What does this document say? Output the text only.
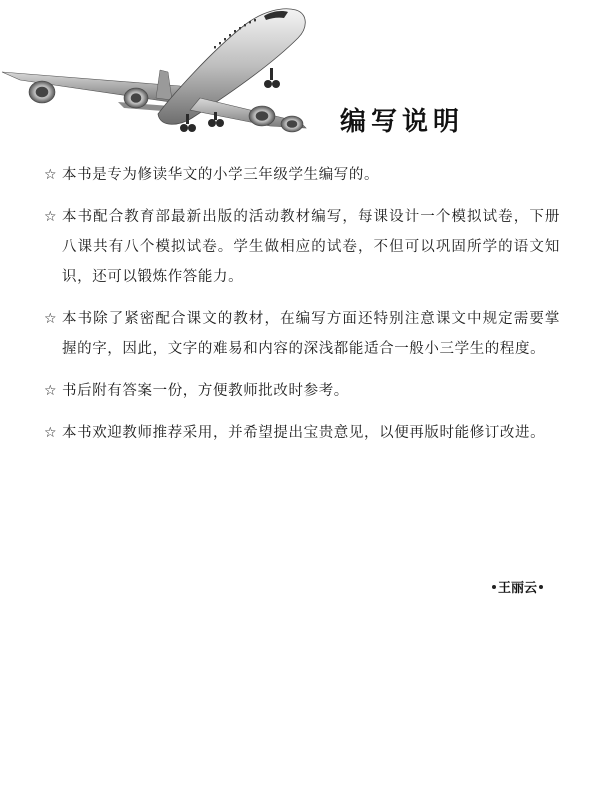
编写说明
☆ 本书是专为修读华文的小学三年级学生编写的。
☆ 本书配合教育部最新出版的活动教材编写，每课设计一个模拟试卷，下册八课共有八个模拟试卷。学生做相应的试卷，不但可以巩固所学的语文知识，还可以锻炼作答能力。
☆ 本书除了紧密配合课文的教材，在编写方面还特别注意课文中规定需要掌握的字，因此，文字的难易和内容的深浅都能适合一般小三学生的程度。
☆ 书后附有答案一份，方便教师批改时参考。
☆ 本书欢迎教师推荐采用，并希望提出宝贵意见，以便再版时能修订改进。
王丽云
